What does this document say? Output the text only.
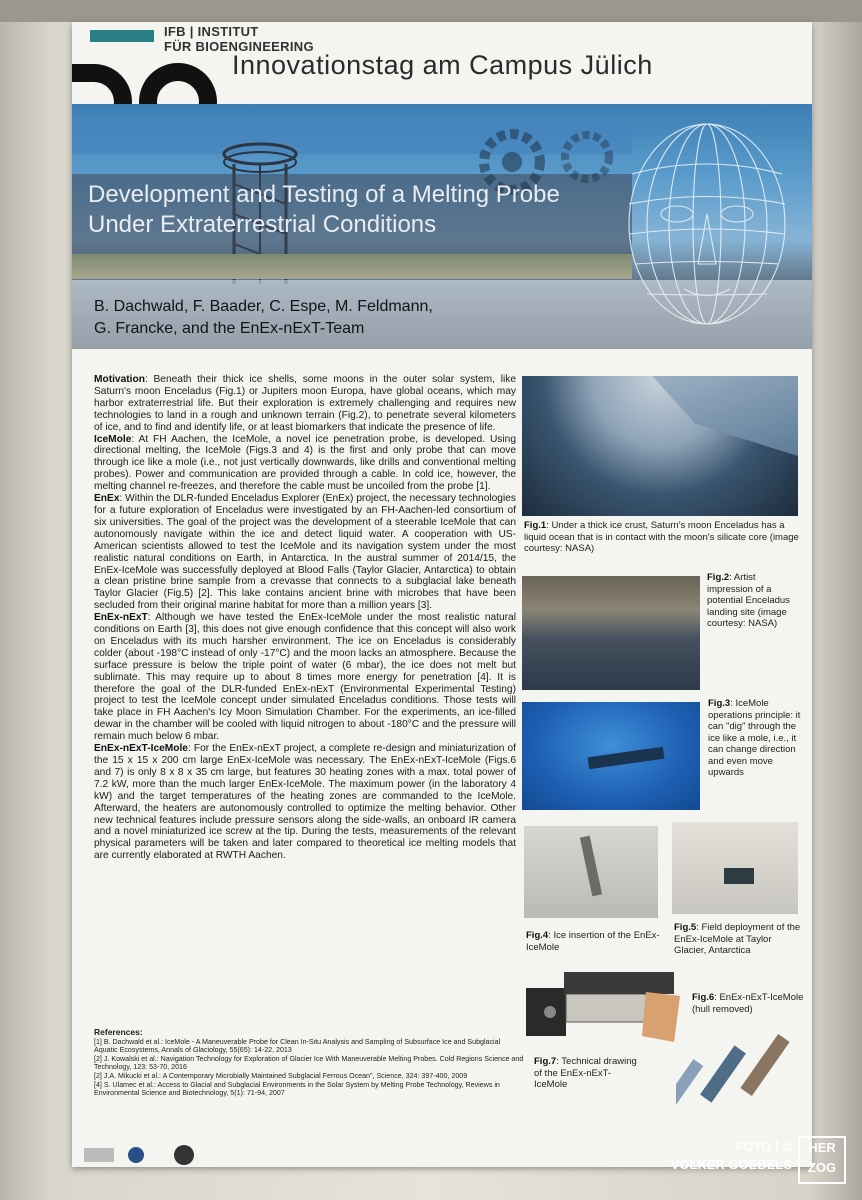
IFB | INSTITUT
FÜR BIOENGINEERING
Innovationstag am Campus Jülich
Development and Testing of a Melting Probe
Under Extraterrestrial Conditions
B. Dachwald, F. Baader, C. Espe, M. Feldmann,
G. Francke, and the EnEx-nExT-Team

Motivation: Beneath their thick ice shells, some moons in the outer solar system, like Saturn's moon Enceladus (Fig.1) or Jupiters moon Europa, have global oceans, which may harbor extraterrestrial life. But their exploration is extremely challenging and requires new technologies to land in a rough and unknown terrain (Fig.2), to penetrate several kilometers of ice, and to find and identify life, or at least biomarkers that indicate the presence of life.

IceMole: At FH Aachen, the IceMole, a novel ice penetration probe, is developed. Using directional melting, the IceMole (Figs.3 and 4) is the first and only probe that can move through ice like a mole (i.e., not just vertically downwards, like drills and conventional melting probes). Power and communication are provided through a cable. In cold ice, however, the melting channel re-freezes, and therefore the cable must be uncoiled from the probe [1].

EnEx: Within the DLR-funded Enceladus Explorer (EnEx) project, the necessary technologies for a future exploration of Enceladus were investigated by an FH-Aachen-led consortium of six universities. The goal of the project was the development of a steerable IceMole that can autonomously navigate within the ice and detect liquid water. A cooperation with US-American scientists allowed to test the IceMole and its navigation system under the most realistic natural conditions on Earth, in Antarctica. In the austral summer of 2014/15, the EnEx-IceMole was successfully deployed at Blood Falls (Taylor Glacier, Antarctica) to obtain a clean pristine brine sample from a crevasse that connects to a subglacial lake beneath Taylor Glacier (Fig.5) [2]. This lake contains ancient brine with microbes that have been secluded from their original marine habitat for more than a million years [3].

EnEx-nExT: Although we have tested the EnEx-IceMole under the most realistic natural conditions on Earth [3], this does not give enough confidence that this concept will also work on Enceladus with its much harsher environment. The ice on Enceladus is considerably colder (about -198°C instead of only -17°C) and the moon lacks an atmosphere. Because the surface pressure is below the triple point of water (6 mbar), the ice does not melt but sublimate. This may require up to about 8 times more energy for penetration [4]. It is therefore the goal of the DLR-funded EnEx-nExT (Environmental Experimental Testing) project to test the IceMole concept under simulated Enceladus conditions. Those tests will take place in FH Aachen's Icy Moon Simulation Chamber. For the experiments, an ice-filled dewar in the chamber will be cooled with liquid nitrogen to about -180°C and the pressure will remain much below 6 mbar.

EnEx-nExT-IceMole: For the EnEx-nExT project, a complete re-design and miniaturization of the 15 x 15 x 200 cm large EnEx-IceMole was necessary. The EnEx-nExT-IceMole (Figs.6 and 7) is only 8 x 8 x 35 cm large, but features 30 heating zones with a max. total power of 7.2 kW, more than the much larger EnEx-IceMole. The maximum power (in the laboratory 4 kW) and the target temperatures of the heating zones are commanded to the IceMole. Afterward, the heaters are autonomously controlled to optimize the melting behavior. Other new technical features include pressure sensors along the side-walls, an onboard IR camera and a novel miniaturized ice screw at the tip. During the tests, measurements of the relevant physical parameters will be taken and later compared to theoretical ice melting models that are currently elaborated at RWTH Aachen.

References:

[1] B. Dachwald et al.: IceMole - A Maneuverable Probe for Clean In-Situ Analysis and Sampling of Subsurface Ice and Subglacial Aquatic Ecosystems, Annals of Glaciology, 55(65): 14-22, 2013

[2] J. Kowalski et al.: Navigation Technology for Exploration of Glacier Ice With Maneuverable Melting Probes. Cold Regions Science and Technology, 123: 53-70, 2016

[2] J.A. Mikucki et al.: A Contemporary Microbially Maintained Subglacial Ferrous Ocean", Science, 324: 397-400, 2009

[4] S. Ulamec et al.: Access to Glacial and Subglacial Environments in the Solar System by Melting Probe Technology, Reviews in Environmental Science and Biotechnology, 5(1): 71-94, 2007

Fig.1: Under a thick ice crust, Saturn's moon Enceladus has a liquid ocean that is in contact with the moon's silicate core (image courtesy: NASA)
Fig.2: Artist impression of a potential Enceladus landing site (image courtesy: NASA)
Fig.3: IceMole operations principle: it can "dig" through the ice like a mole, i.e., it can change direction and even move upwards
Fig.4: Ice insertion of the EnEx-IceMole
Fig.5: Field deployment of the EnEx-IceMole at Taylor Glacier, Antarctica
Fig.7: Technical drawing of the EnEx-nExT-IceMole
Fig.6: EnEx-nExT-IceMole (hull removed)
FOTO | ©
VOLKER GOEBELS
HER
ZOG
